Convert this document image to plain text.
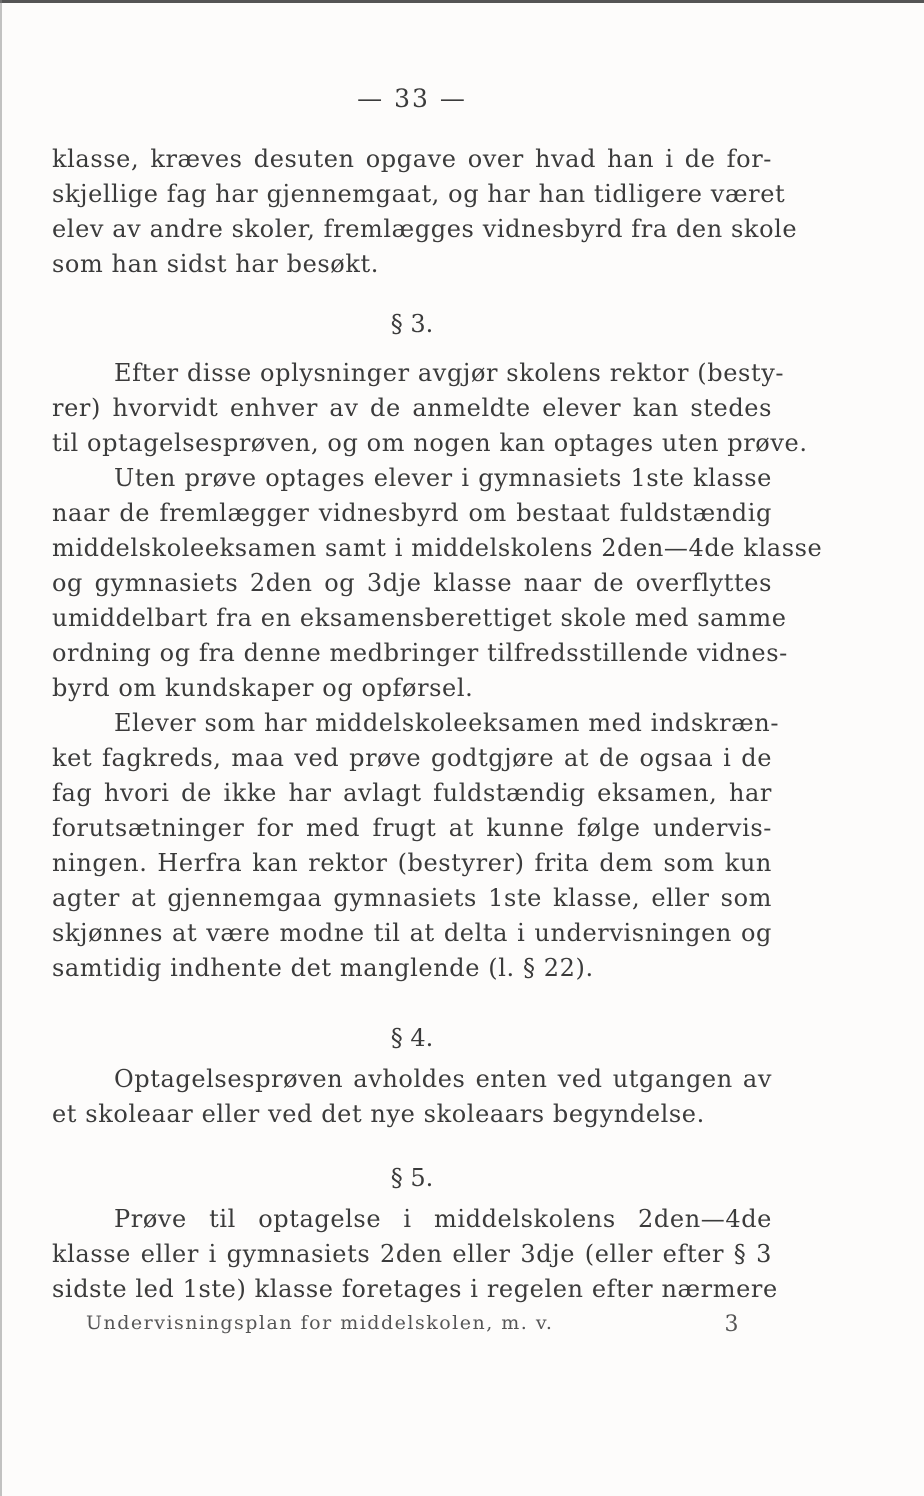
— 33 —
klasse, kræves desuten opgave over hvad han i de for-
skjellige fag har gjennemgaat, og har han tidligere været
elev av andre skoler, fremlægges vidnesbyrd fra den skole
som han sidst har besøkt.
§ 3.
Efter disse oplysninger avgjør skolens rektor (besty-
rer) hvorvidt enhver av de anmeldte elever kan stedes
til optagelsesprøven, og om nogen kan optages uten prøve.
Uten prøve optages elever i gymnasiets 1ste klasse
naar de fremlægger vidnesbyrd om bestaat fuldstændig
middelskoleeksamen samt i middelskolens 2den—4de klasse
og gymnasiets 2den og 3dje klasse naar de overflyttes
umiddelbart fra en eksamensberettiget skole med samme
ordning og fra denne medbringer tilfredsstillende vidnes-
byrd om kundskaper og opførsel.
Elever som har middelskoleeksamen med indskræn-
ket fagkreds, maa ved prøve godtgjøre at de ogsaa i de
fag hvori de ikke har avlagt fuldstændig eksamen, har
forutsætninger for med frugt at kunne følge undervis-
ningen. Herfra kan rektor (bestyrer) frita dem som kun
agter at gjennemgaa gymnasiets 1ste klasse, eller som
skjønnes at være modne til at delta i undervisningen og
samtidig indhente det manglende (l. § 22).
§ 4.
Optagelsesprøven avholdes enten ved utgangen av
et skoleaar eller ved det nye skoleaars begyndelse.
§ 5.
Prøve til optagelse i middelskolens 2den—4de
klasse eller i gymnasiets 2den eller 3dje (eller efter § 3
sidste led 1ste) klasse foretages i regelen efter nærmere
Undervisningsplan for middelskolen, m. v.	3
